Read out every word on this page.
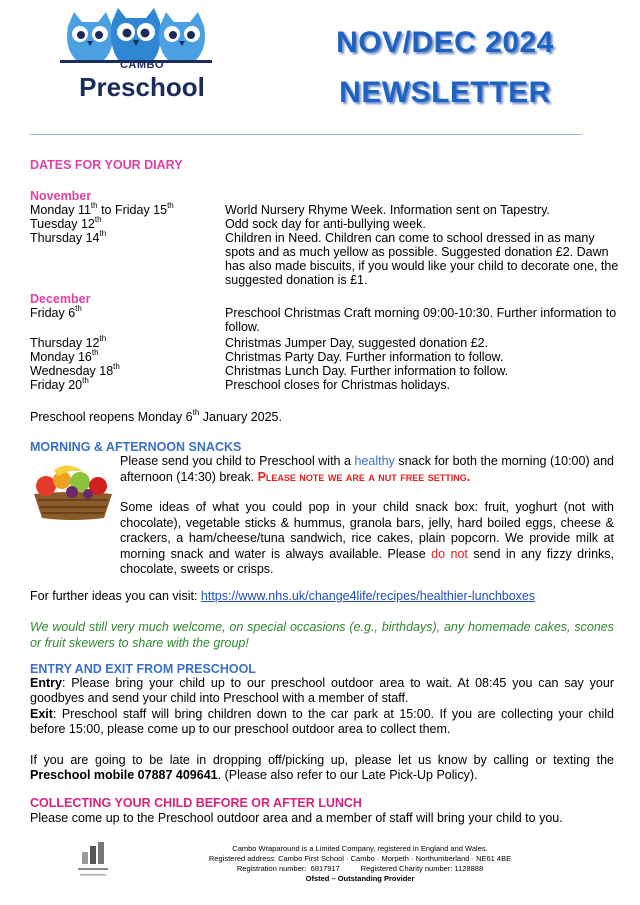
CAMBO
Preschool
NOV/DEC 2024
NEWSLETTER
DATES FOR YOUR DIARY
November
Monday 11th to Friday 15th	World Nursery Rhyme Week. Information sent on Tapestry.
Tuesday 12th	Odd sock day for anti-bullying week.
Thursday 14th	Children in Need. Children can come to school dressed in as many spots and as much yellow as possible. Suggested donation £2. Dawn has also made biscuits, if you would like your child to decorate one, the suggested donation is £1.
December
Friday 6th	Preschool Christmas Craft morning 09:00-10:30. Further information to follow.
Thursday 12th	Christmas Jumper Day, suggested donation £2.
Monday 16th	Christmas Party Day. Further information to follow.
Wednesday 18th	Christmas Lunch Day. Further information to follow.
Friday 20th	Preschool closes for Christmas holidays.
Preschool reopens Monday 6th January 2025.
MORNING & AFTERNOON SNACKS
Please send you child to Preschool with a healthy snack for both the morning (10:00) and afternoon (14:30) break. Please note we are a nut free setting.
Some ideas of what you could pop in your child snack box: fruit, yoghurt (not with chocolate), vegetable sticks & hummus, granola bars, jelly, hard boiled eggs, cheese & crackers, a ham/cheese/tuna sandwich, rice cakes, plain popcorn. We provide milk at morning snack and water is always available. Please do not send in any fizzy drinks, chocolate, sweets or crisps.
For further ideas you can visit: https://www.nhs.uk/change4life/recipes/healthier-lunchboxes
We would still very much welcome, on special occasions (e.g., birthdays), any homemade cakes, scones or fruit skewers to share with the group!
ENTRY AND EXIT FROM PRESCHOOL
Entry: Please bring your child up to our preschool outdoor area to wait. At 08:45 you can say your goodbyes and send your child into Preschool with a member of staff.
Exit: Preschool staff will bring children down to the car park at 15:00. If you are collecting your child before 15:00, please come up to our preschool outdoor area to collect them.
If you are going to be late in dropping off/picking up, please let us know by calling or texting the Preschool mobile 07887 409641. (Please also refer to our Late Pick-Up Policy).
COLLECTING YOUR CHILD BEFORE OR AFTER LUNCH
Please come up to the Preschool outdoor area and a member of staff will bring your child to you.
Cambo Wraparound is a Limited Company, registered in England and Wales.
Registered address: Cambo First School · Cambo · Morpeth · Northumberland · NE61 4BE
Registration number:  6817917          Registered Charity number: 1128888
Ofsted – Outstanding Provider
